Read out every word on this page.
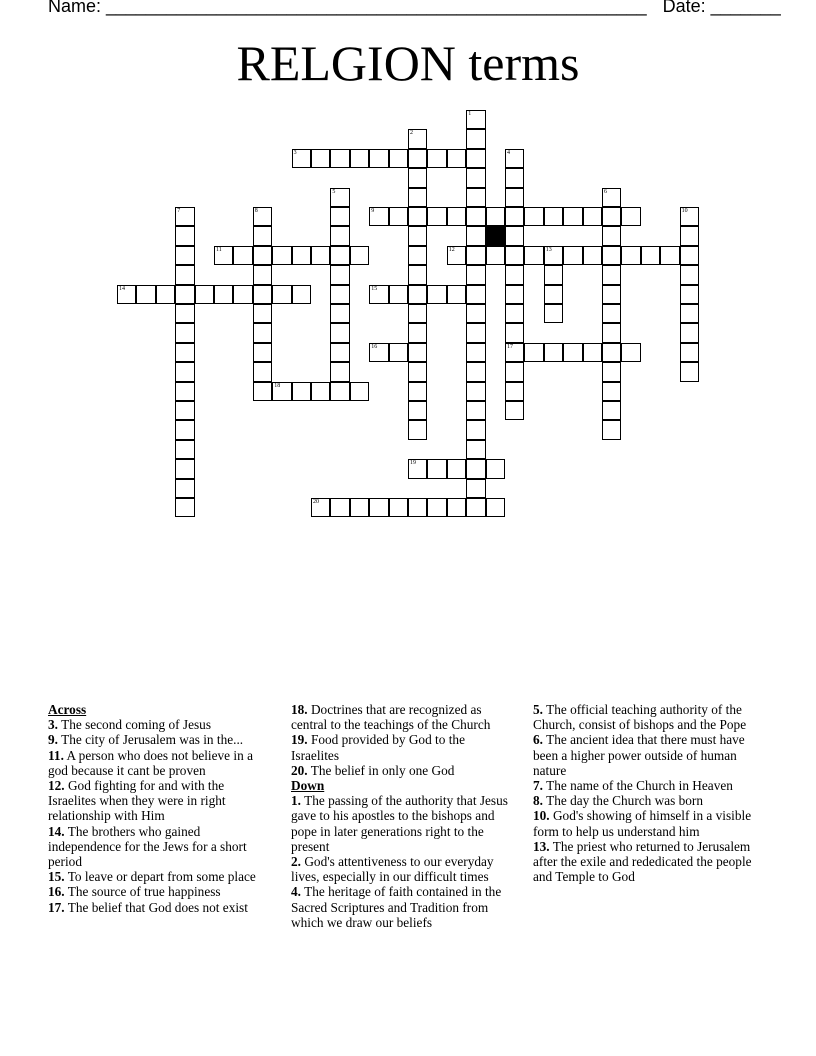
Name: ______________________________________________________ Date: _______
RELGION terms
1
2
3	4
17
5	6
7	8	9	10
11	12	13
14	15
16
18
19
20
Across
3. The second coming of Jesus
9. The city of Jerusalem was in the...
11. A person who does not believe in a god because it cant be proven
12. God fighting for and with the Israelites when they were in right relationship with Him
14. The brothers who gained independence for the Jews for a short period
15. To leave or depart from some place
16. The source of true happiness
17. The belief that God does not exist
18. Doctrines that are recognized as central to the teachings of the Church
19. Food provided by God to the Israelites
20. The belief in only one God
Down
1. The passing of the authority that Jesus gave to his apostles to the bishops and pope in later generations right to the present
2. God's attentiveness to our everyday lives, especially in our difficult times
4. The heritage of faith contained in the Sacred Scriptures and Tradition from which we draw our beliefs
5. The official teaching authority of the Church, consist of bishops and the Pope
6. The ancient idea that there must have been a higher power outside of human nature
7. The name of the Church in Heaven
8. The day the Church was born
10. God's showing of himself in a visible form to help us understand him
13. The priest who returned to Jerusalem after the exile and rededicated the people and Temple to God
